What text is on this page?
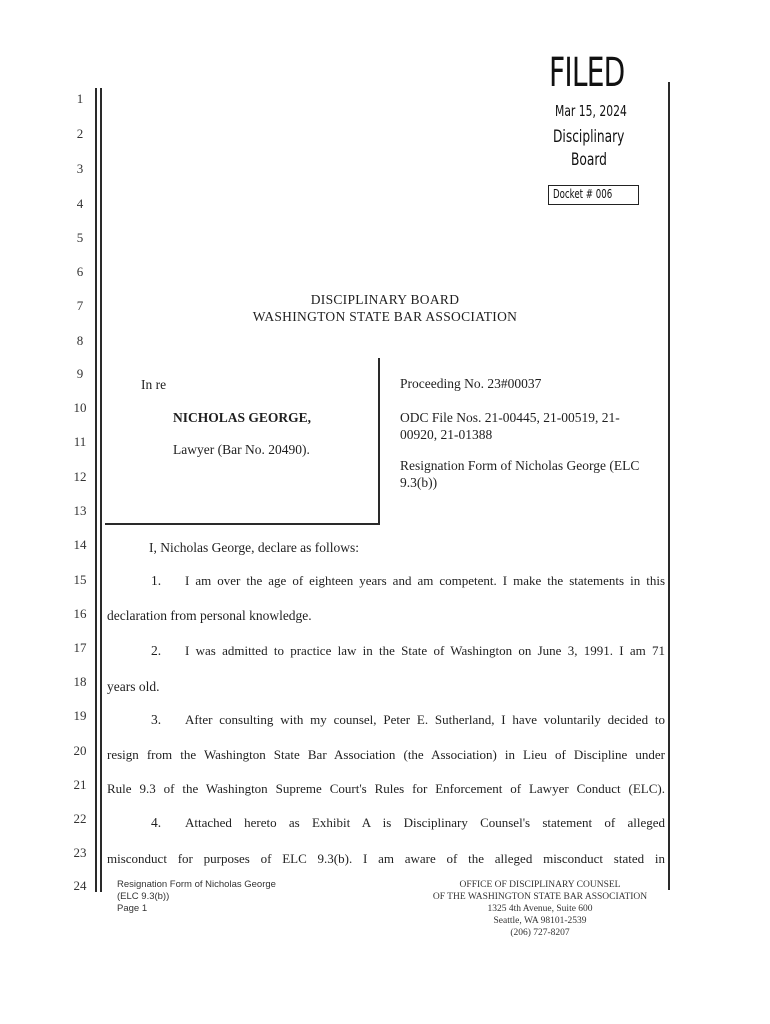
1
2
3
4
5
6
7
8
9
10
11
12
13
14
15
16
17
18
19
20
21
22
23
24
FILED
Mar 15, 2024
Disciplinary
Board
Docket # 006
DISCIPLINARY BOARD
WASHINGTON STATE BAR ASSOCIATION
In re
NICHOLAS GEORGE,
Lawyer (Bar No. 20490).
Proceeding No. 23#00037
ODC File Nos. 21-00445, 21-00519, 21-
00920, 21-01388
Resignation Form of Nicholas George (ELC
9.3(b))
I, Nicholas George, declare as follows:
1. I am over the age of eighteen years and am competent. I make the statements in this
declaration from personal knowledge.
2. I was admitted to practice law in the State of Washington on June 3, 1991. I am 71
years old.
3. After consulting with my counsel, Peter E. Sutherland, I have voluntarily decided to
resign from the Washington State Bar Association (the Association) in Lieu of Discipline under
Rule 9.3 of the Washington Supreme Court's Rules for Enforcement of Lawyer Conduct (ELC).
4. Attached hereto as Exhibit A is Disciplinary Counsel's statement of alleged
misconduct for purposes of ELC 9.3(b). I am aware of the alleged misconduct stated in
Resignation Form of Nicholas George
(ELC 9.3(b))
Page 1
OFFICE OF DISCIPLINARY COUNSEL
OF THE WASHINGTON STATE BAR ASSOCIATION
1325 4th Avenue, Suite 600
Seattle, WA 98101-2539
(206) 727-8207
